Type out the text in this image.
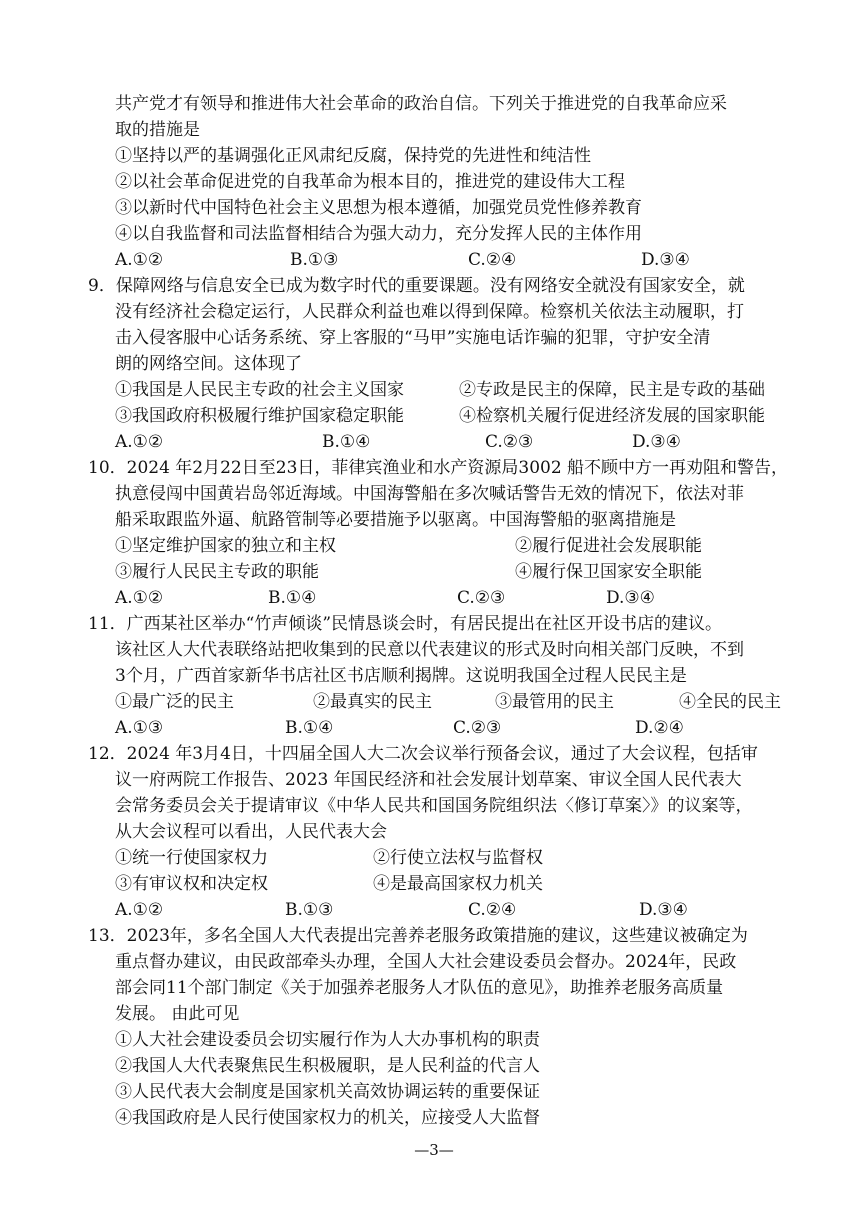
共产党才有领导和推进伟大社会革命的政治自信。下列关于推进党的自我革命应采
取的措施是
①坚持以严的基调强化正风肃纪反腐，保持党的先进性和纯洁性
②以社会革命促进党的自我革命为根本目的，推进党的建设伟大工程
③以新时代中国特色社会主义思想为根本遵循，加强党员党性修养教育
④以自我监督和司法监督相结合为强大动力，充分发挥人民的主体作用
A.①②	B.①③	C.②④	D.③④
9．保障网络与信息安全已成为数字时代的重要课题。没有网络安全就没有国家安全，就
没有经济社会稳定运行，人民群众利益也难以得到保障。检察机关依法主动履职，打
击入侵客服中心话务系统、穿上客服的“马甲”实施电话诈骗的犯罪，守护安全清
朗的网络空间。这体现了
①我国是人民民主专政的社会主义国家	②专政是民主的保障，民主是专政的基础
③我国政府积极履行维护国家稳定职能	④检察机关履行促进经济发展的国家职能
A.①②	B.①④	C.②③	D.③④
10．2024 年2月22日至23日，菲律宾渔业和水产资源局3002 船不顾中方一再劝阻和警告，
执意侵闯中国黄岩岛邻近海域。中国海警船在多次喊话警告无效的情况下，依法对菲
船采取跟监外逼、航路管制等必要措施予以驱离。中国海警船的驱离措施是
①坚定维护国家的独立和主权	②履行促进社会发展职能
③履行人民民主专政的职能	④履行保卫国家安全职能
A.①②	B.①④	C.②③	D.③④
11．广西某社区举办“竹声倾谈”民情恳谈会时，有居民提出在社区开设书店的建议。
该社区人大代表联络站把收集到的民意以代表建议的形式及时向相关部门反映，不到
3个月，广西首家新华书店社区书店顺利揭牌。这说明我国全过程人民民主是
①最广泛的民主	②最真实的民主	③最管用的民主	④全民的民主
A.①③	B.①④	C.②③	D.②④
12．2024 年3月4日，十四届全国人大二次会议举行预备会议，通过了大会议程，包括审
议一府两院工作报告、2023 年国民经济和社会发展计划草案、审议全国人民代表大
会常务委员会关于提请审议《中华人民共和国国务院组织法〈修订草案〉》的议案等，
从大会议程可以看出，人民代表大会
①统一行使国家权力	②行使立法权与监督权
③有审议权和决定权	④是最高国家权力机关
A.①②	B.①③	C.②④	D.③④
13．2023年，多名全国人大代表提出完善养老服务政策措施的建议，这些建议被确定为
重点督办建议，由民政部牵头办理，全国人大社会建设委员会督办。2024年，民政
部会同11个部门制定《关于加强养老服务人才队伍的意见》，助推养老服务高质量
发展。 由此可见
①人大社会建设委员会切实履行作为人大办事机构的职责
②我国人大代表聚焦民生积极履职，是人民利益的代言人
③人民代表大会制度是国家机关高效协调运转的重要保证
④我国政府是人民行使国家权力的机关，应接受人大监督
—3—
